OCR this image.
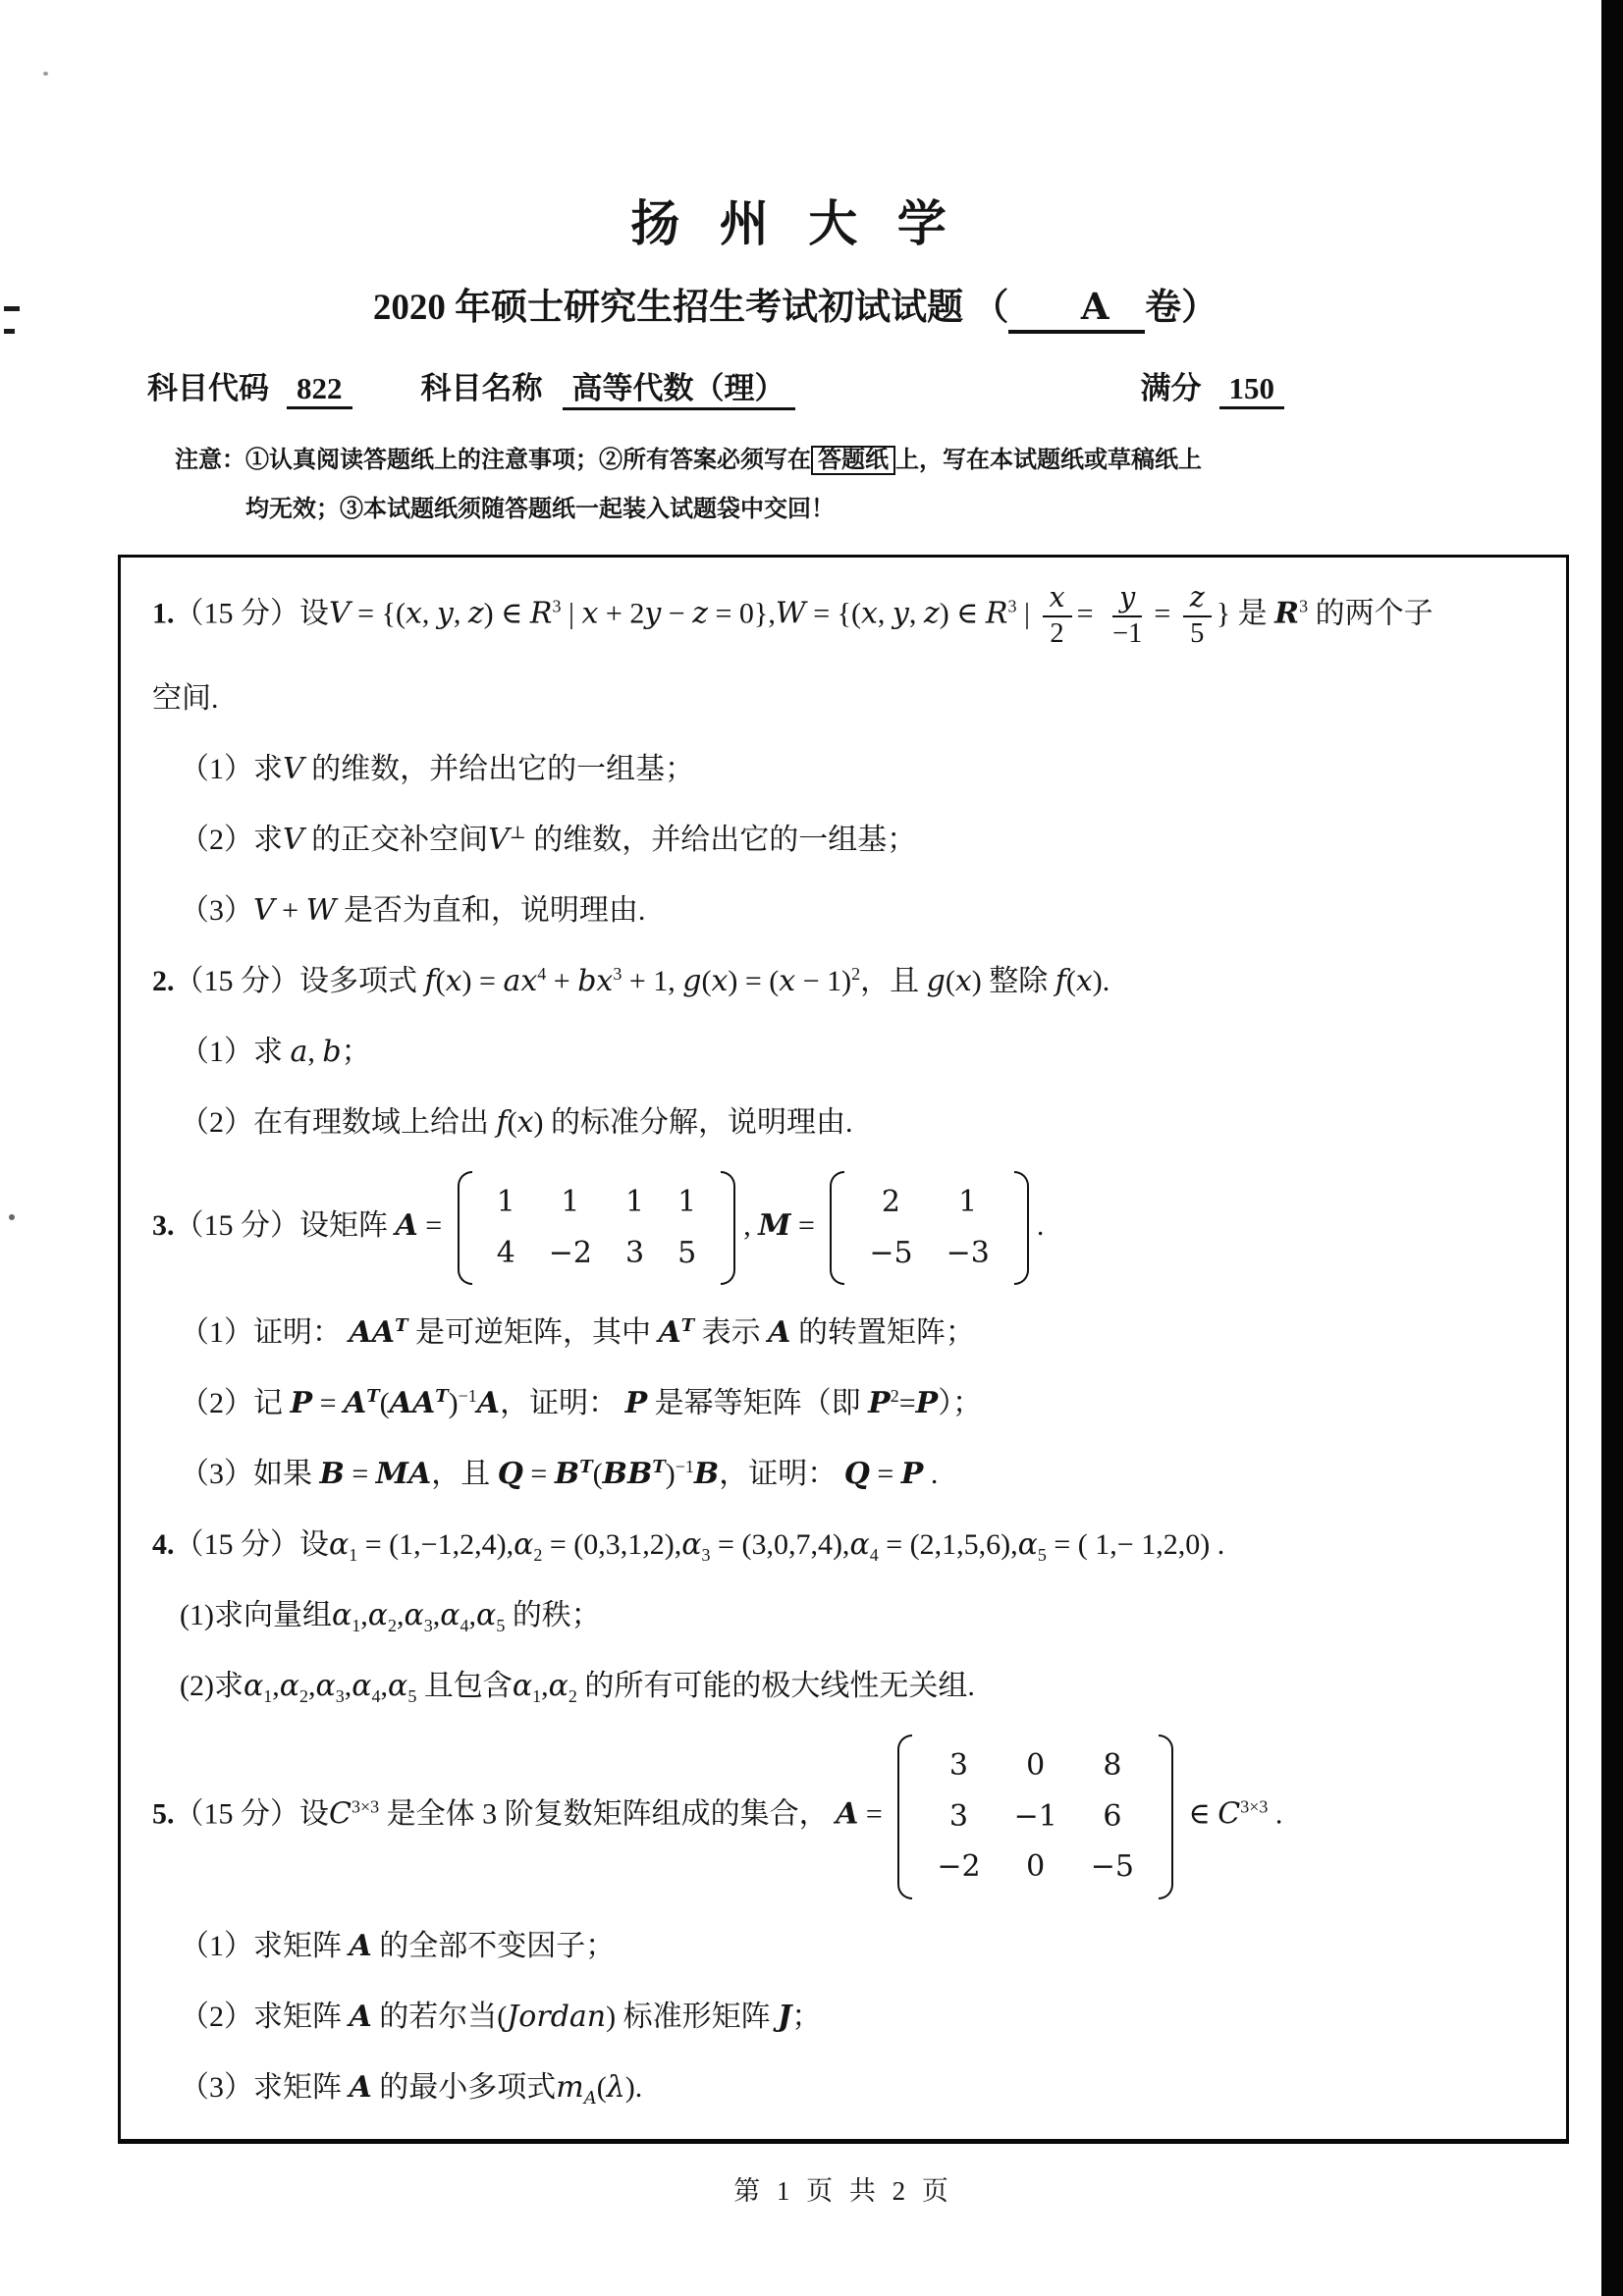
扬 州 大 学
2020 年硕士研究生招生考试初试试题 （　A　卷）
科目代码 822	科目名称 高等代数（理）	满分 150
注意： ①认真阅读答题纸上的注意事项；②所有答案必须写在 答题纸 上，写在本试题纸或草稿纸上
均无效；③本试题纸须随答题纸一起装入试题袋中交回！
1.（15 分）设V = {(x, y, z) ∈ $R^3$ | x + 2y − z = 0},W = {(x, y, z) ∈ $R^3$ | $\frac{x}{2} = \frac{y}{-1} = \frac{z}{5}$ } 是 $R^3$ 的两个子
空间.
（1）求V 的维数，并给出它的一组基；
（2）求V 的正交补空间V⊥ 的维数，并给出它的一组基；
（3）V + W 是否为直和，说明理由.
2.（15 分）设多项式 $f(x) = ax^4 + bx^3 + 1$, $g(x) = (x - 1)^2$，且 g(x) 整除 f(x).
（1）求 a, b；
（2）在有理数域上给出 f(x) 的标准分解，说明理由.
3.（15 分）设矩阵 A =
1	1	1	1
4	−2	3	5
, M =
2	1
−5	−3
.
（1）证明： $AA^T$ 是可逆矩阵，其中 $A^T$ 表示 A 的转置矩阵；
（2）记 $P = A^T(AA^T)^{-1}A$，证明： P 是幂等矩阵（即 $P^2=P$）；
（3）如果 B = MA，且 $Q = B^T(BB^T)^{-1}B$，证明： Q = P .
4.（15 分）设$\alpha_1 = (1,-1,2,4),\alpha_2 = (0,3,1,2),\alpha_3 = (3,0,7,4),\alpha_4 = (2,1,5,6),\alpha_5$ = ( 1,− 1,2,0) .
(1)求向量组$\alpha_1,\alpha_2,\alpha_3,\alpha_4,\alpha_5$ 的秩；
(2)求$\alpha_1,\alpha_2,\alpha_3,\alpha_4,\alpha_5$ 且包含$\alpha_1,\alpha_2$ 的所有可能的极大线性无关组.
5.（15 分）设$C^{3\times 3}$ 是全体 3 阶复数矩阵组成的集合， A =
3	0	8
3	−1	6
−2	0	−5
∈ $C^{3\times 3}$ .
（1）求矩阵 A 的全部不变因子；
（2）求矩阵 A 的若尔当(Jordan) 标准形矩阵 J；
（3）求矩阵 A 的最小多项式$m_A(\lambda)$.
第 1 页 共 2 页
